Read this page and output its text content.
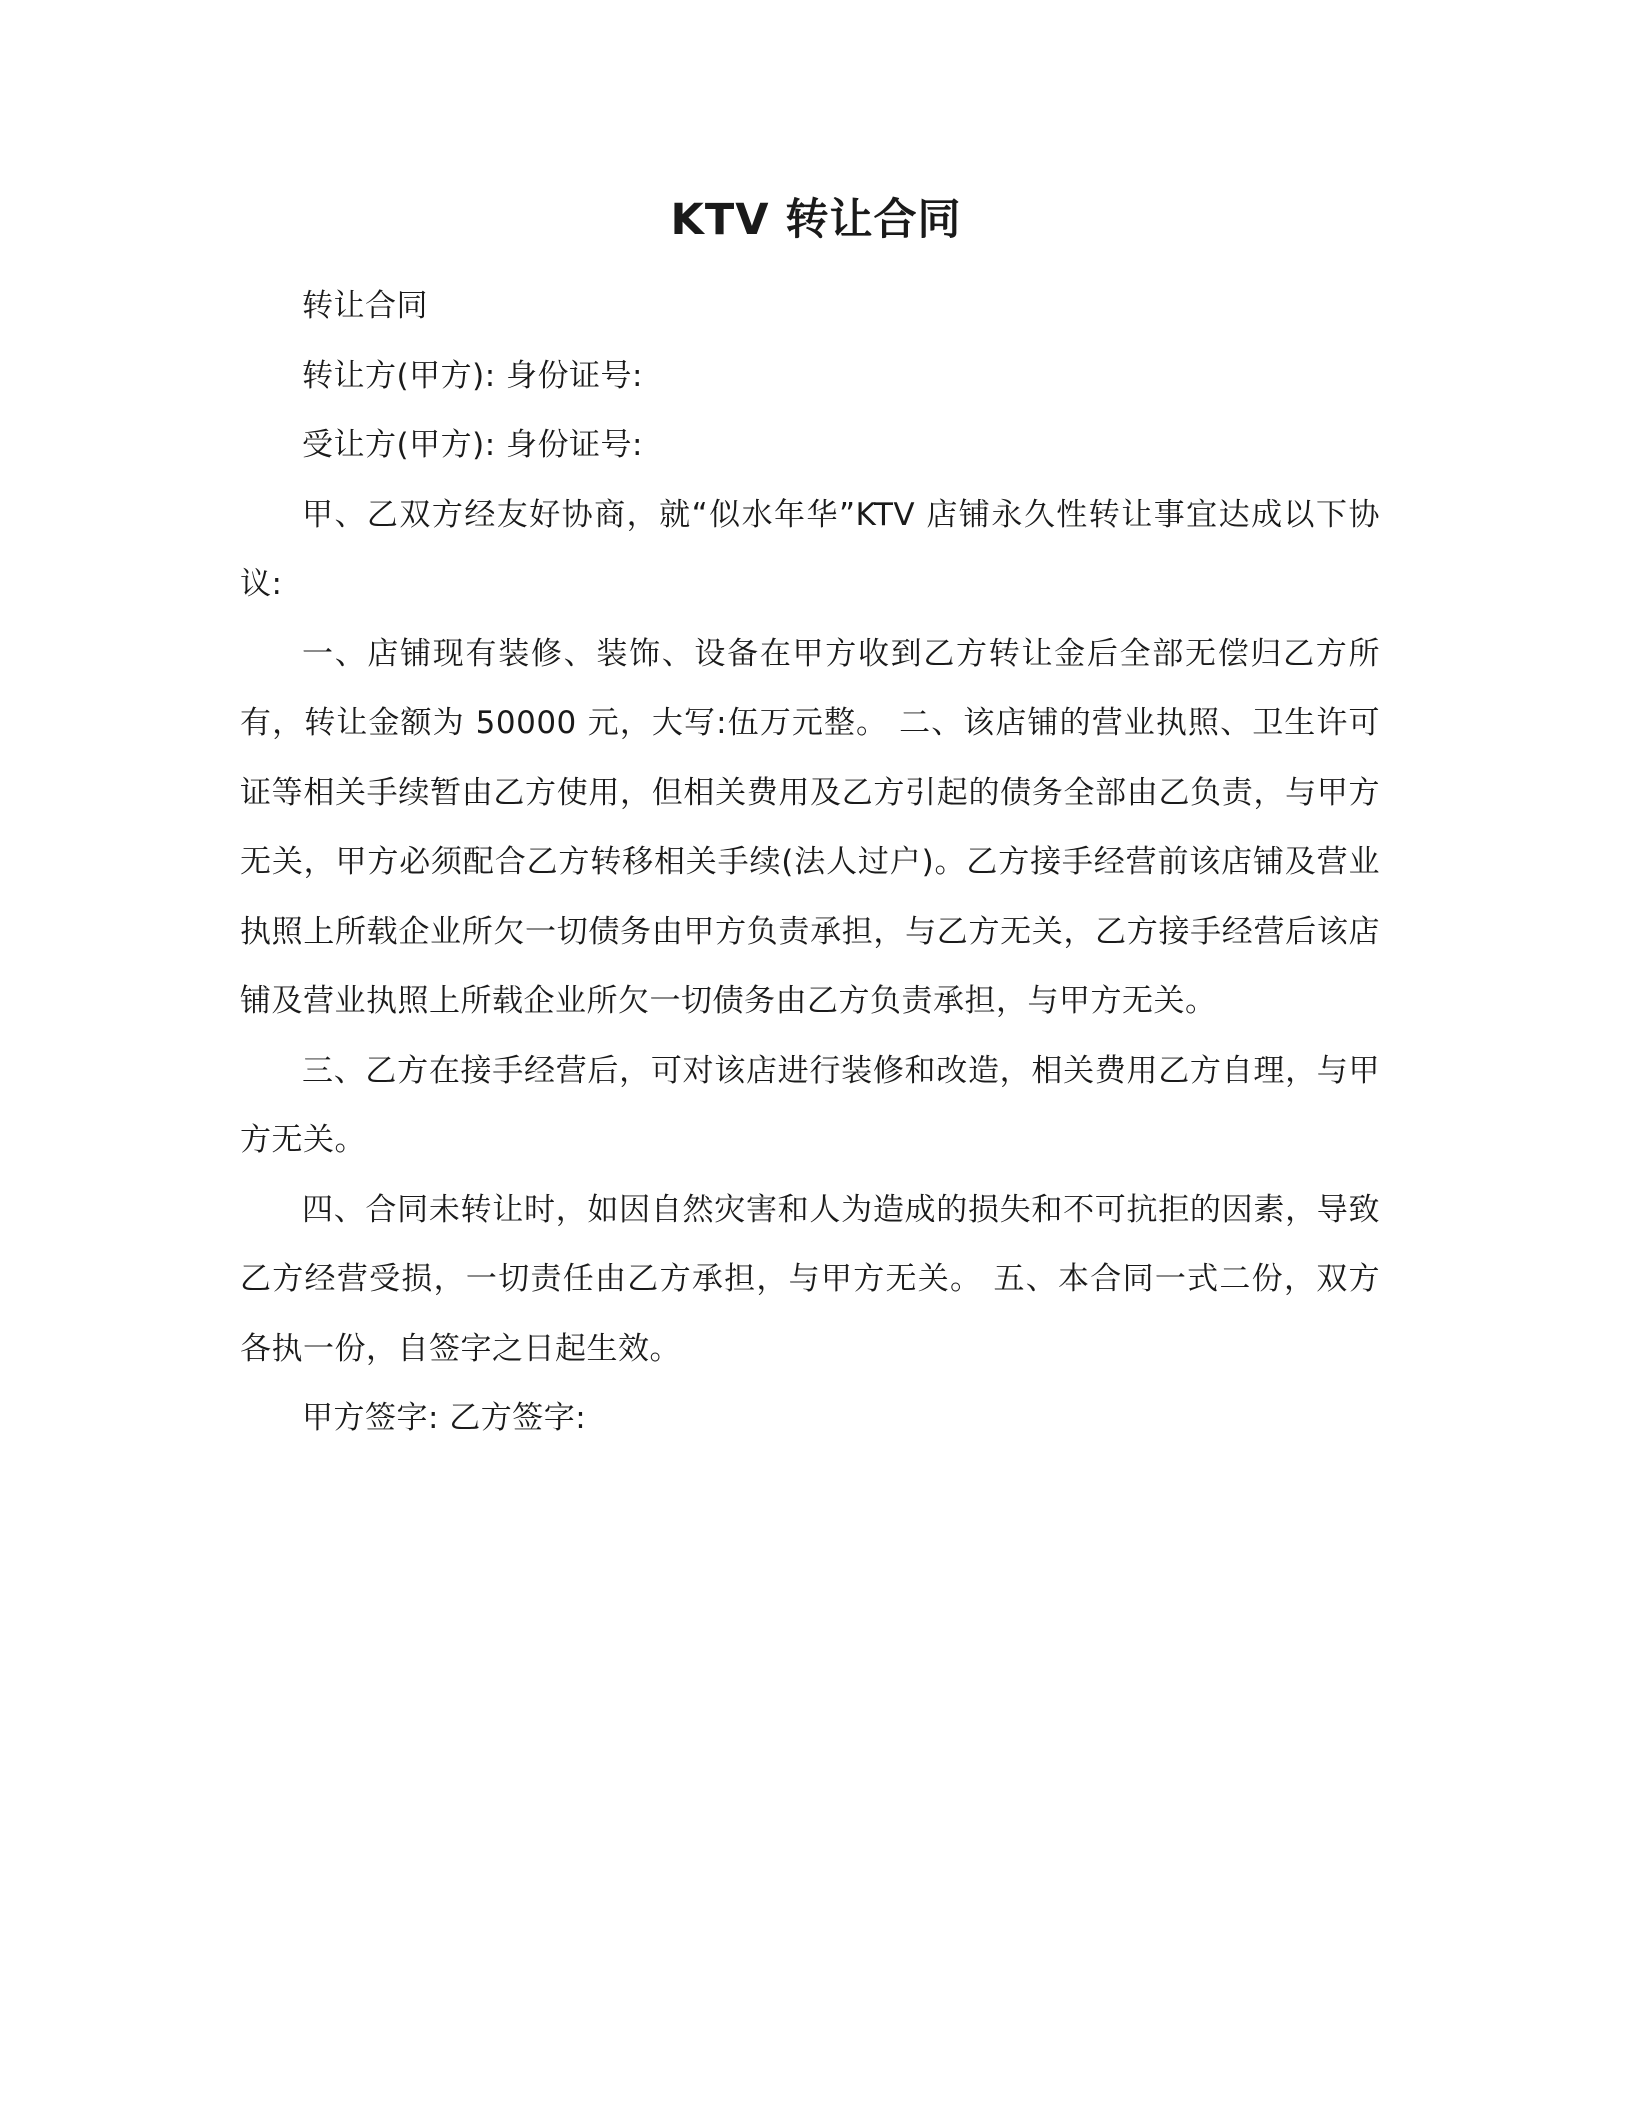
KTV 转让合同

转让合同

转让方(甲方): 身份证号:

受让方(甲方): 身份证号:

甲、乙双方经友好协商，就“似水年华”KTV 店铺永久性转让事宜达成以下协议:

一、店铺现有装修、装饰、设备在甲方收到乙方转让金后全部无偿归乙方所有，转让金额为 50000 元，大写:伍万元整。 二、该店铺的营业执照、卫生许可证等相关手续暂由乙方使用，但相关费用及乙方引起的债务全部由乙负责，与甲方无关，甲方必须配合乙方转移相关手续(法人过户)。乙方接手经营前该店铺及营业执照上所载企业所欠一切债务由甲方负责承担，与乙方无关，乙方接手经营后该店铺及营业执照上所载企业所欠一切债务由乙方负责承担，与甲方无关。

三、乙方在接手经营后，可对该店进行装修和改造，相关费用乙方自理，与甲方无关。

四、合同未转让时，如因自然灾害和人为造成的损失和不可抗拒的因素，导致乙方经营受损，一切责任由乙方承担，与甲方无关。 五、本合同一式二份，双方各执一份，自签字之日起生效。

甲方签字: 乙方签字:
